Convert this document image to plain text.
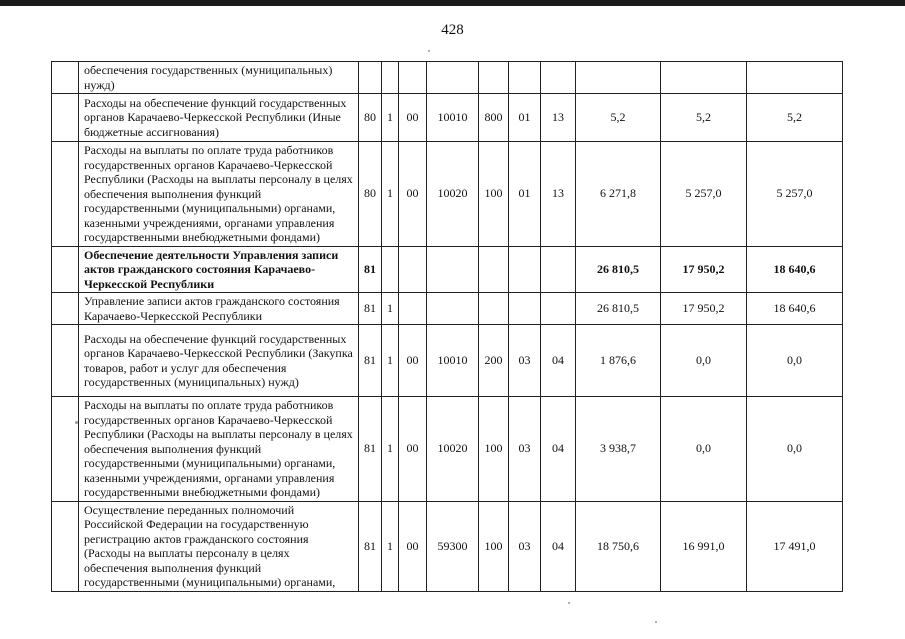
428
	обеспечения государственных (муниципальных) нужд)										
	Расходы на обеспечение функций государственных органов Карачаево-Черкесской Республики (Иные бюджетные ассигнования)	80	1	00	10010	800	01	13	5,2	5,2	5,2
	Расходы на выплаты по оплате труда работников государственных органов Карачаево-Черкесской Республики (Расходы на выплаты персоналу в целях обеспечения выполнения функций государственными (муниципальными) органами, казенными учреждениями, органами управления государственными внебюджетными фондами)	80	1	00	10020	100	01	13	6 271,8	5 257,0	5 257,0
	Обеспечение деятельности Управления записи актов гражданского состояния Карачаево-Черкесской Республики	81							26 810,5	17 950,2	18 640,6
	Управление записи актов гражданского состояния Карачаево-Черкесской Республики	81	1						26 810,5	17 950,2	18 640,6
	Расходы на обеспечение функций государственных органов Карачаево-Черкесской Республики (Закупка товаров, работ и услуг для обеспечения государственных (муниципальных) нужд)	81	1	00	10010	200	03	04	1 876,6	0,0	0,0
	Расходы на выплаты по оплате труда работников государственных органов Карачаево-Черкесской Республики (Расходы на выплаты персоналу в целях обеспечения выполнения функций государственными (муниципальными) органами, казенными учреждениями, органами управления государственными внебюджетными фондами)	81	1	00	10020	100	03	04	3 938,7	0,0	0,0
	Осуществление переданных полномочий Российской Федерации на государственную регистрацию актов гражданского состояния (Расходы на выплаты персоналу в целях обеспечения выполнения функций государственными (муниципальными) органами,	81	1	00	59300	100	03	04	18 750,6	16 991,0	17 491,0
